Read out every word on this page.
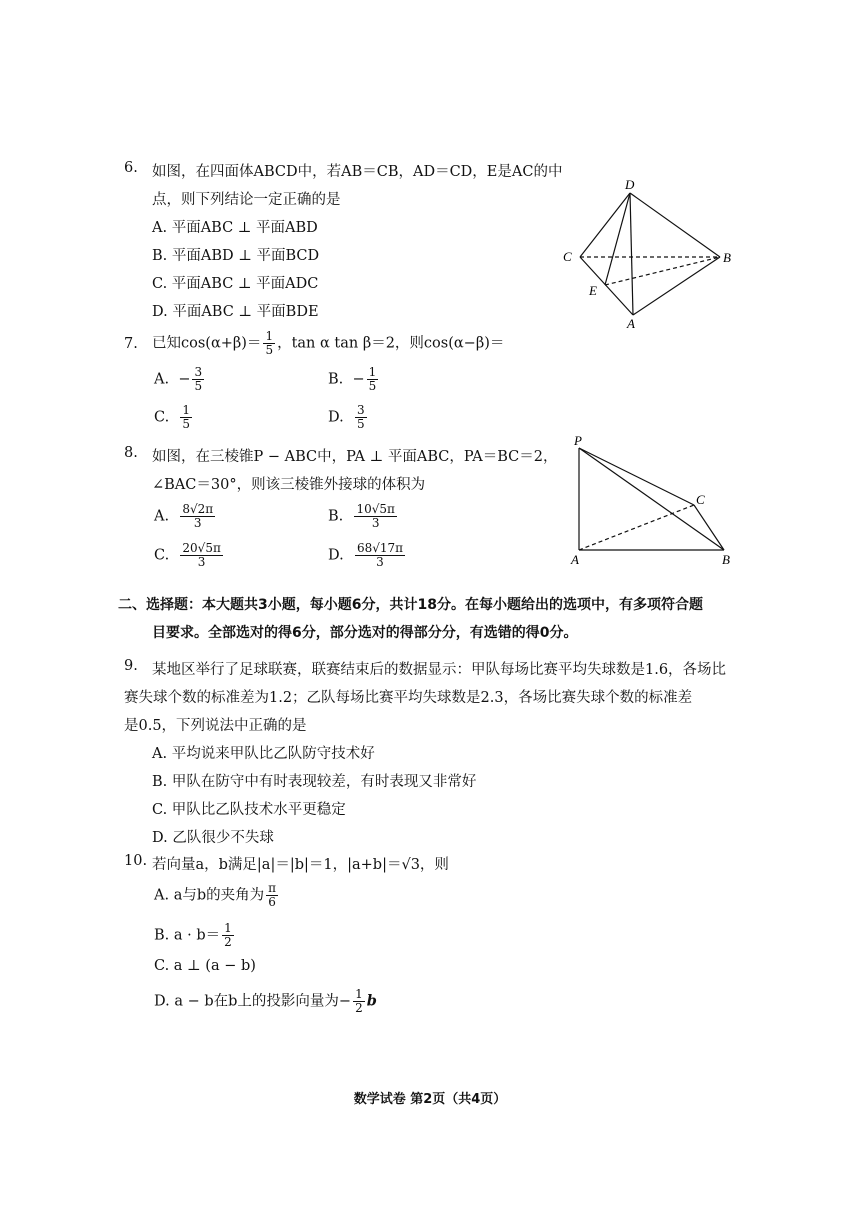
6. 如图，在四面体ABCD中，若AB＝CB，AD＝CD，E是AC的中
点，则下列结论一定正确的是
A. 平面ABC ⊥ 平面ABD
B. 平面ABD ⊥ 平面BCD
C. 平面ABC ⊥ 平面ADC
D. 平面ABC ⊥ 平面BDE
D
C	B
E
A
7. 已知$\cos(\alpha+\beta)= \frac{1}{5}$ ，tan α tan β＝2，则cos(α−β)＝
A. − $\frac{3}{5}$	B. − $\frac{1}{5}$
C. $\frac{1}{5}$	D. $\frac{3}{5}$
8. 如图，在三棱锥P − ABC中，PA ⊥ 平面ABC，PA＝BC＝2，
∠BAC＝30°，则该三棱锥外接球的体积为
A. $\frac{8√2\pi}{3}$	B. $\frac{10√5\pi}{3}$
C. $\frac{20√5\pi}{3}$	D. $\frac{68√17\pi}{3}$
P
C
A	B
二、选择题：本大题共3小题，每小题6分，共计18分。在每小题给出的选项中，有多项符合题
目要求。全部选对的得6分，部分选对的得部分分，有选错的得0分。
9. 某地区举行了足球联赛，联赛结束后的数据显示：甲队每场比赛平均失球数是1.6，各场比
赛失球个数的标准差为1.2；乙队每场比赛平均失球数是2.3，各场比赛失球个数的标准差
是0.5，下列说法中正确的是
A. 平均说来甲队比乙队防守技术好
B. 甲队在防守中有时表现较差，有时表现又非常好
C. 甲队比乙队技术水平更稳定
D. 乙队很少不失球
10. 若向量a，b满足|a|＝|b|＝1，|a+b|＝√3，则
A. a与b的夹角为 $\frac{\pi}{6}$
B. $a \cdot b= \frac{1}{2}$
C. a ⊥ (a − b)
D. a − b在b上的投影向量为− $\frac{1}{2}$ b
数学试卷 第2页（共4页）
